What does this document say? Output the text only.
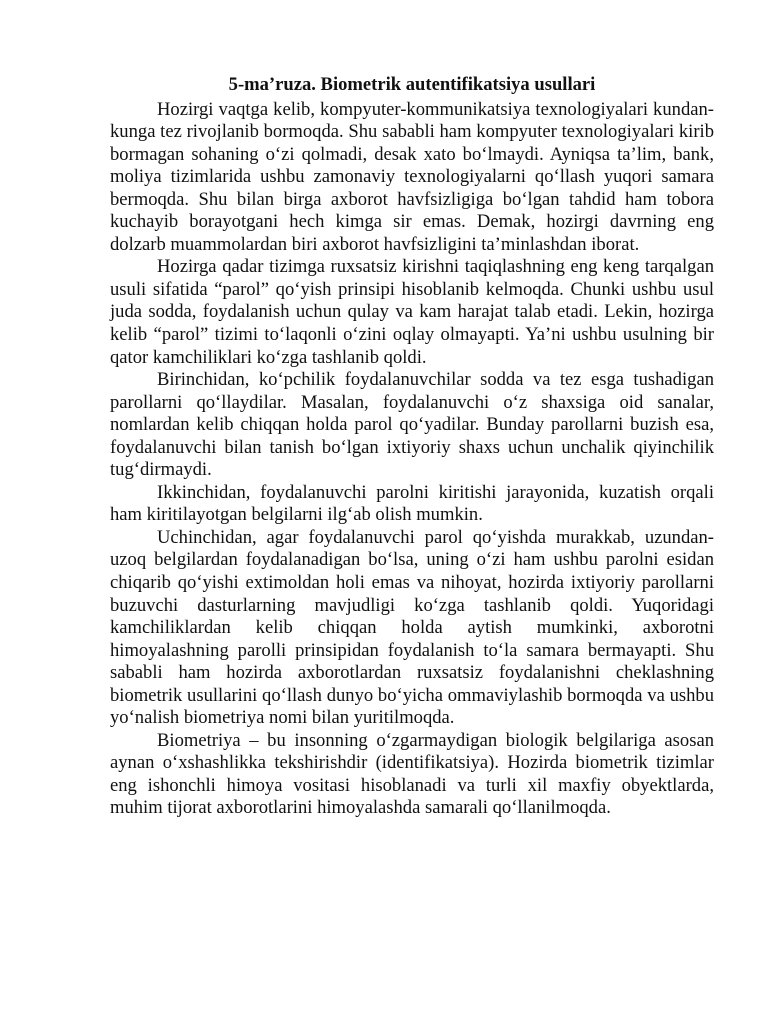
5-ma’ruza. Biometrik autentifikatsiya usullari

Hozirgi vaqtga kelib, kompyuter-kommunikatsiya texnologiyalari kundan-kunga tez rivojlanib bormoqda. Shu sababli ham kompyuter texnologiyalari kirib bormagan sohaning o‘zi qolmadi, desak xato bo‘lmaydi. Ayniqsa ta’lim, bank, moliya tizimlarida ushbu zamonaviy texnologiyalarni qo‘llash yuqori samara bermoqda. Shu bilan birga axborot havfsizligiga bo‘lgan tahdid ham tobora kuchayib borayotgani hech kimga sir emas. Demak, hozirgi davrning eng dolzarb muammolardan biri axborot havfsizligini ta’minlashdan iborat.

Hozirga qadar tizimga ruxsatsiz kirishni taqiqlashning eng keng tarqalgan usuli sifatida “parol” qo‘yish prinsipi hisoblanib kelmoqda. Chunki ushbu usul juda sodda, foydalanish uchun qulay va kam harajat talab etadi. Lekin, hozirga kelib “parol” tizimi to‘laqonli o‘zini oqlay olmayapti. Ya’ni ushbu usulning bir qator kamchiliklari ko‘zga tashlanib qoldi.

Birinchidan, ko‘pchilik foydalanuvchilar sodda va tez esga tushadigan parollarni qo‘llaydilar. Masalan, foydalanuvchi o‘z shaxsiga oid sanalar, nomlardan kelib chiqqan holda parol qo‘yadilar. Bunday parollarni buzish esa, foydalanuvchi bilan tanish bo‘lgan ixtiyoriy shaxs uchun unchalik qiyinchilik tug‘dirmaydi.

Ikkinchidan, foydalanuvchi parolni kiritishi jarayonida, kuzatish orqali ham kiritilayotgan belgilarni ilg‘ab olish mumkin.

Uchinchidan, agar foydalanuvchi parol qo‘yishda murakkab, uzundan-uzoq belgilardan foydalanadigan bo‘lsa, uning o‘zi ham ushbu parolni esidan chiqarib qo‘yishi extimoldan holi emas va nihoyat, hozirda ixtiyoriy parollarni buzuvchi dasturlarning mavjudligi ko‘zga tashlanib qoldi. Yuqoridagi kamchiliklardan kelib chiqqan holda aytish mumkinki, axborotni himoyalashning parolli prinsipidan foydalanish to‘la samara bermayapti. Shu sababli ham hozirda axborotlardan ruxsatsiz foydalanishni cheklashning biometrik usullarini qo‘llash dunyo bo‘yicha ommaviylashib bormoqda va ushbu yo‘nalish biometriya nomi bilan yuritilmoqda.

Biometriya – bu insonning o‘zgarmaydigan biologik belgilariga asosan aynan o‘xshashlikka tekshirishdir (identifikatsiya). Hozirda biometrik tizimlar eng ishonchli himoya vositasi hisoblanadi va turli xil maxfiy obyektlarda, muhim tijorat axborotlarini himoyalashda samarali qo‘llanilmoqda.
